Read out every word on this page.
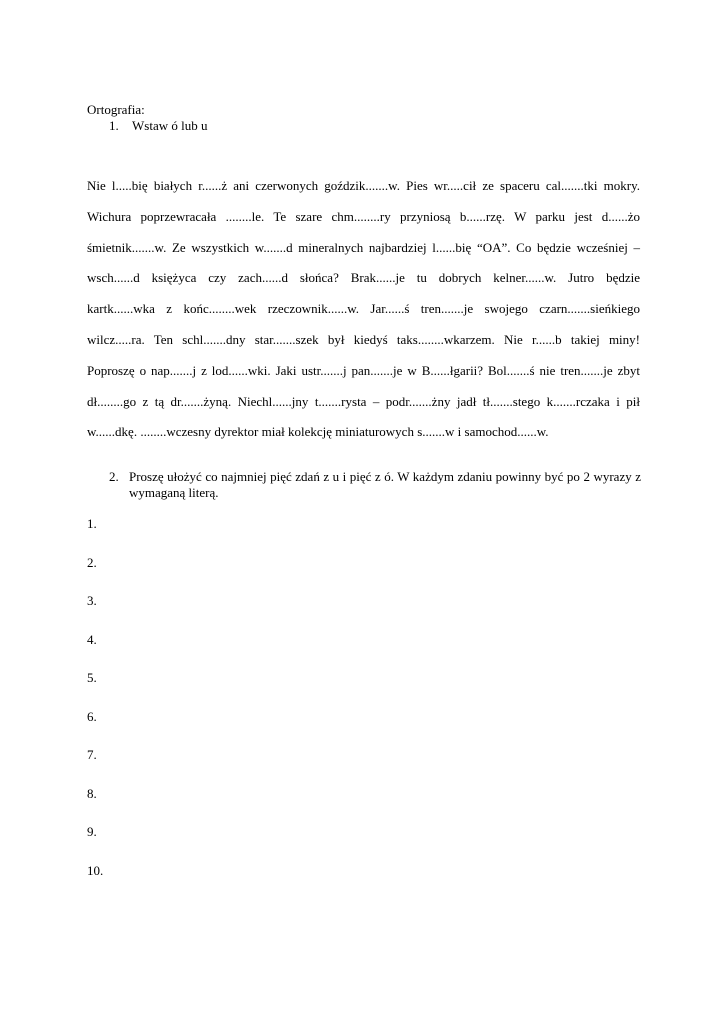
Ortografia:
1. Wstaw ó lub u
Nie l.....bię białych r......ż ani czerwonych goździk.......w. Pies wr.....cił ze spaceru cal.......tki mokry.
Wichura poprzewracała ........le. Te szare chm........ry przyniosą b......rzę. W parku jest d......żo
śmietnik.......w. Ze wszystkich w.......d mineralnych najbardziej l......bię “OA”. Co będzie wcześniej –
wsch......d księżyca czy zach......d słońca? Brak......je tu dobrych kelner......w. Jutro będzie
kartk......wka z końc........wek rzeczownik......w. Jar......ś tren.......je swojego czarn.......sieńkiego
wilcz.....ra. Ten schl.......dny star.......szek był kiedyś taks........wkarzem. Nie r......b takiej miny!
Poproszę o nap.......j z lod......wki. Jaki ustr.......j pan.......je w B......łgarii? Bol.......ś nie tren.......je zbyt
dł........go z tą dr.......żyną. Niechl......jny t.......rysta – podr.......żny jadł tł.......stego k.......rczaka i pił
w......dkę. ........wczesny dyrektor miał kolekcję miniaturowych s.......w i samochod......w.
2. Proszę ułożyć co najmniej pięć zdań z u i pięć z ó. W każdym zdaniu powinny być po 2 wyrazy z wymaganą literą.
1.
2.
3.
4.
5.
6.
7.
8.
9.
10.
